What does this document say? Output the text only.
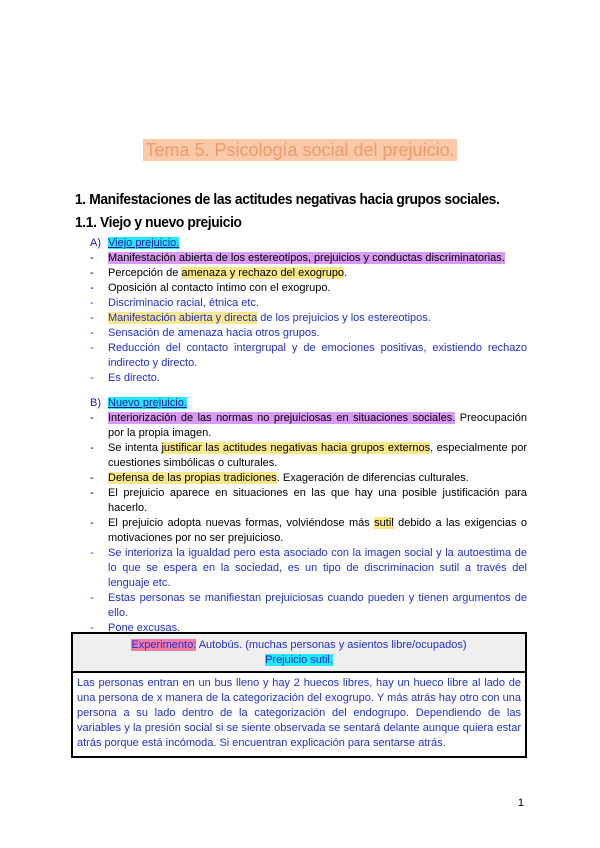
Tema 5. Psicología social del prejuicio.
1. Manifestaciones de las actitudes negativas hacia grupos sociales.
1.1. Viejo y nuevo prejuicio
A) Viejo prejuicio.
- Manifestación abierta de los estereotipos, prejuicios y conductas discriminatorias.
- Percepción de amenaza y rechazo del exogrupo.
- Oposición al contacto íntimo con el exogrupo.
- Discriminacio racial, étnica etc.
- Manifestación abierta y directa de los prejuicios y los estereotipos.
- Sensación de amenaza hacia otros grupos.
- Reducción del contacto intergrupal y de emociones positivas, existiendo rechazo indirecto y directo.
- Es directo.
B) Nuevo prejuicio.
- Interiorización de las normas no prejuiciosas en situaciones sociales. Preocupación por la propia imagen.
- Se intenta justificar las actitudes negativas hacia grupos externos, especialmente por cuestiones simbólicas o culturales.
- Defensa de las propias tradiciones. Exageración de diferencias culturales.
- El prejuicio aparece en situaciones en las que hay una posible justificación para hacerlo.
- El prejuicio adopta nuevas formas, volviéndose más sutil debido a las exigencias o motivaciones por no ser prejuicioso.
- Se interioriza la igualdad pero esta asociado con la imagen social y la autoestima de lo que se espera en la sociedad, es un tipo de discriminacion sutil a través del lenguaje etc.
- Estas personas se manifiestan prejuiciosas cuando pueden y tienen argumentos de ello.
- Pone excusas.
Experimento: Autobús. (muchas personas y asientos libre/ocupados)
Prejuicio sutil.
Las personas entran en un bus lleno y hay 2 huecos libres, hay un hueco libre al lado de una persona de x manera de la categorización del exogrupo. Y más atrás hay otro con una persona a su lado dentro de la categorización del endogrupo. Dependiendo de las variables y la presión social si se siente observada se sentará delante aunque quiera estar atrás porque está incómoda. Si encuentran explicación para sentarse atrás.
1
